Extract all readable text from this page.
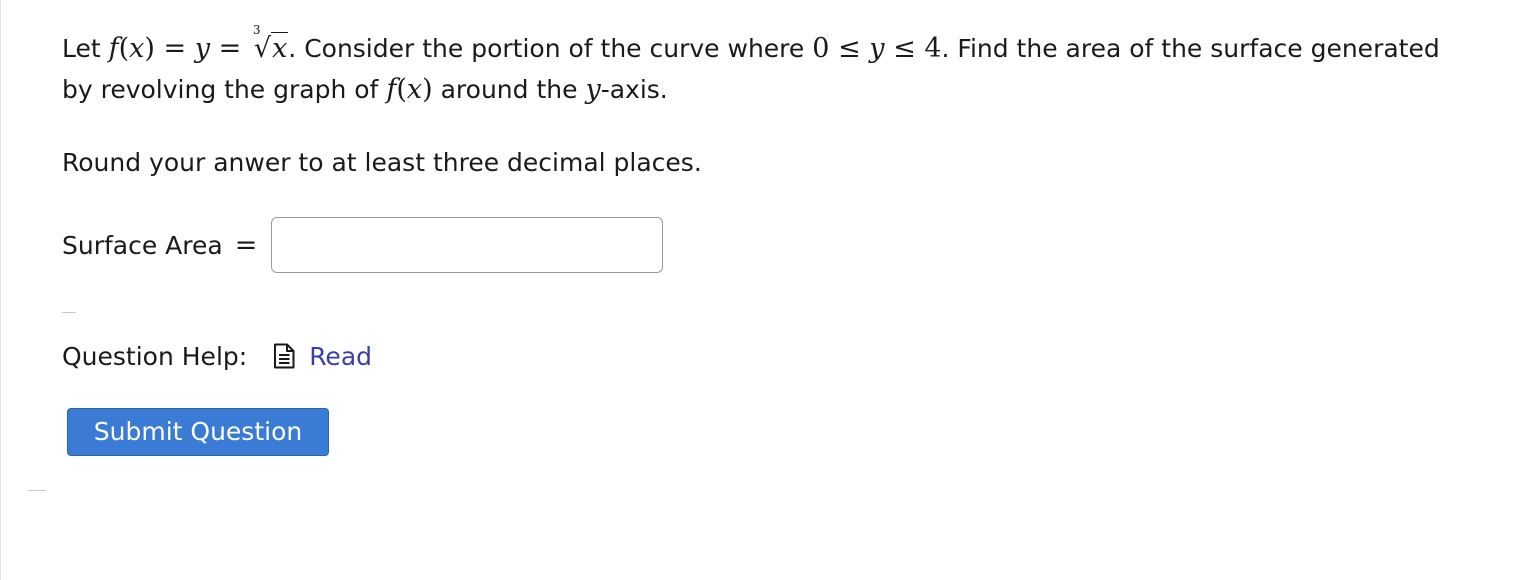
Let f(x) = y =
3
√x. Consider the portion of the curve where 0 ≤ y ≤ 4. Find the area of the surface generated by revolving the graph of f(x) around the y-axis.
Round your anwer to at least three decimal places.
Surface Area =
Question Help: Read
Submit Question
